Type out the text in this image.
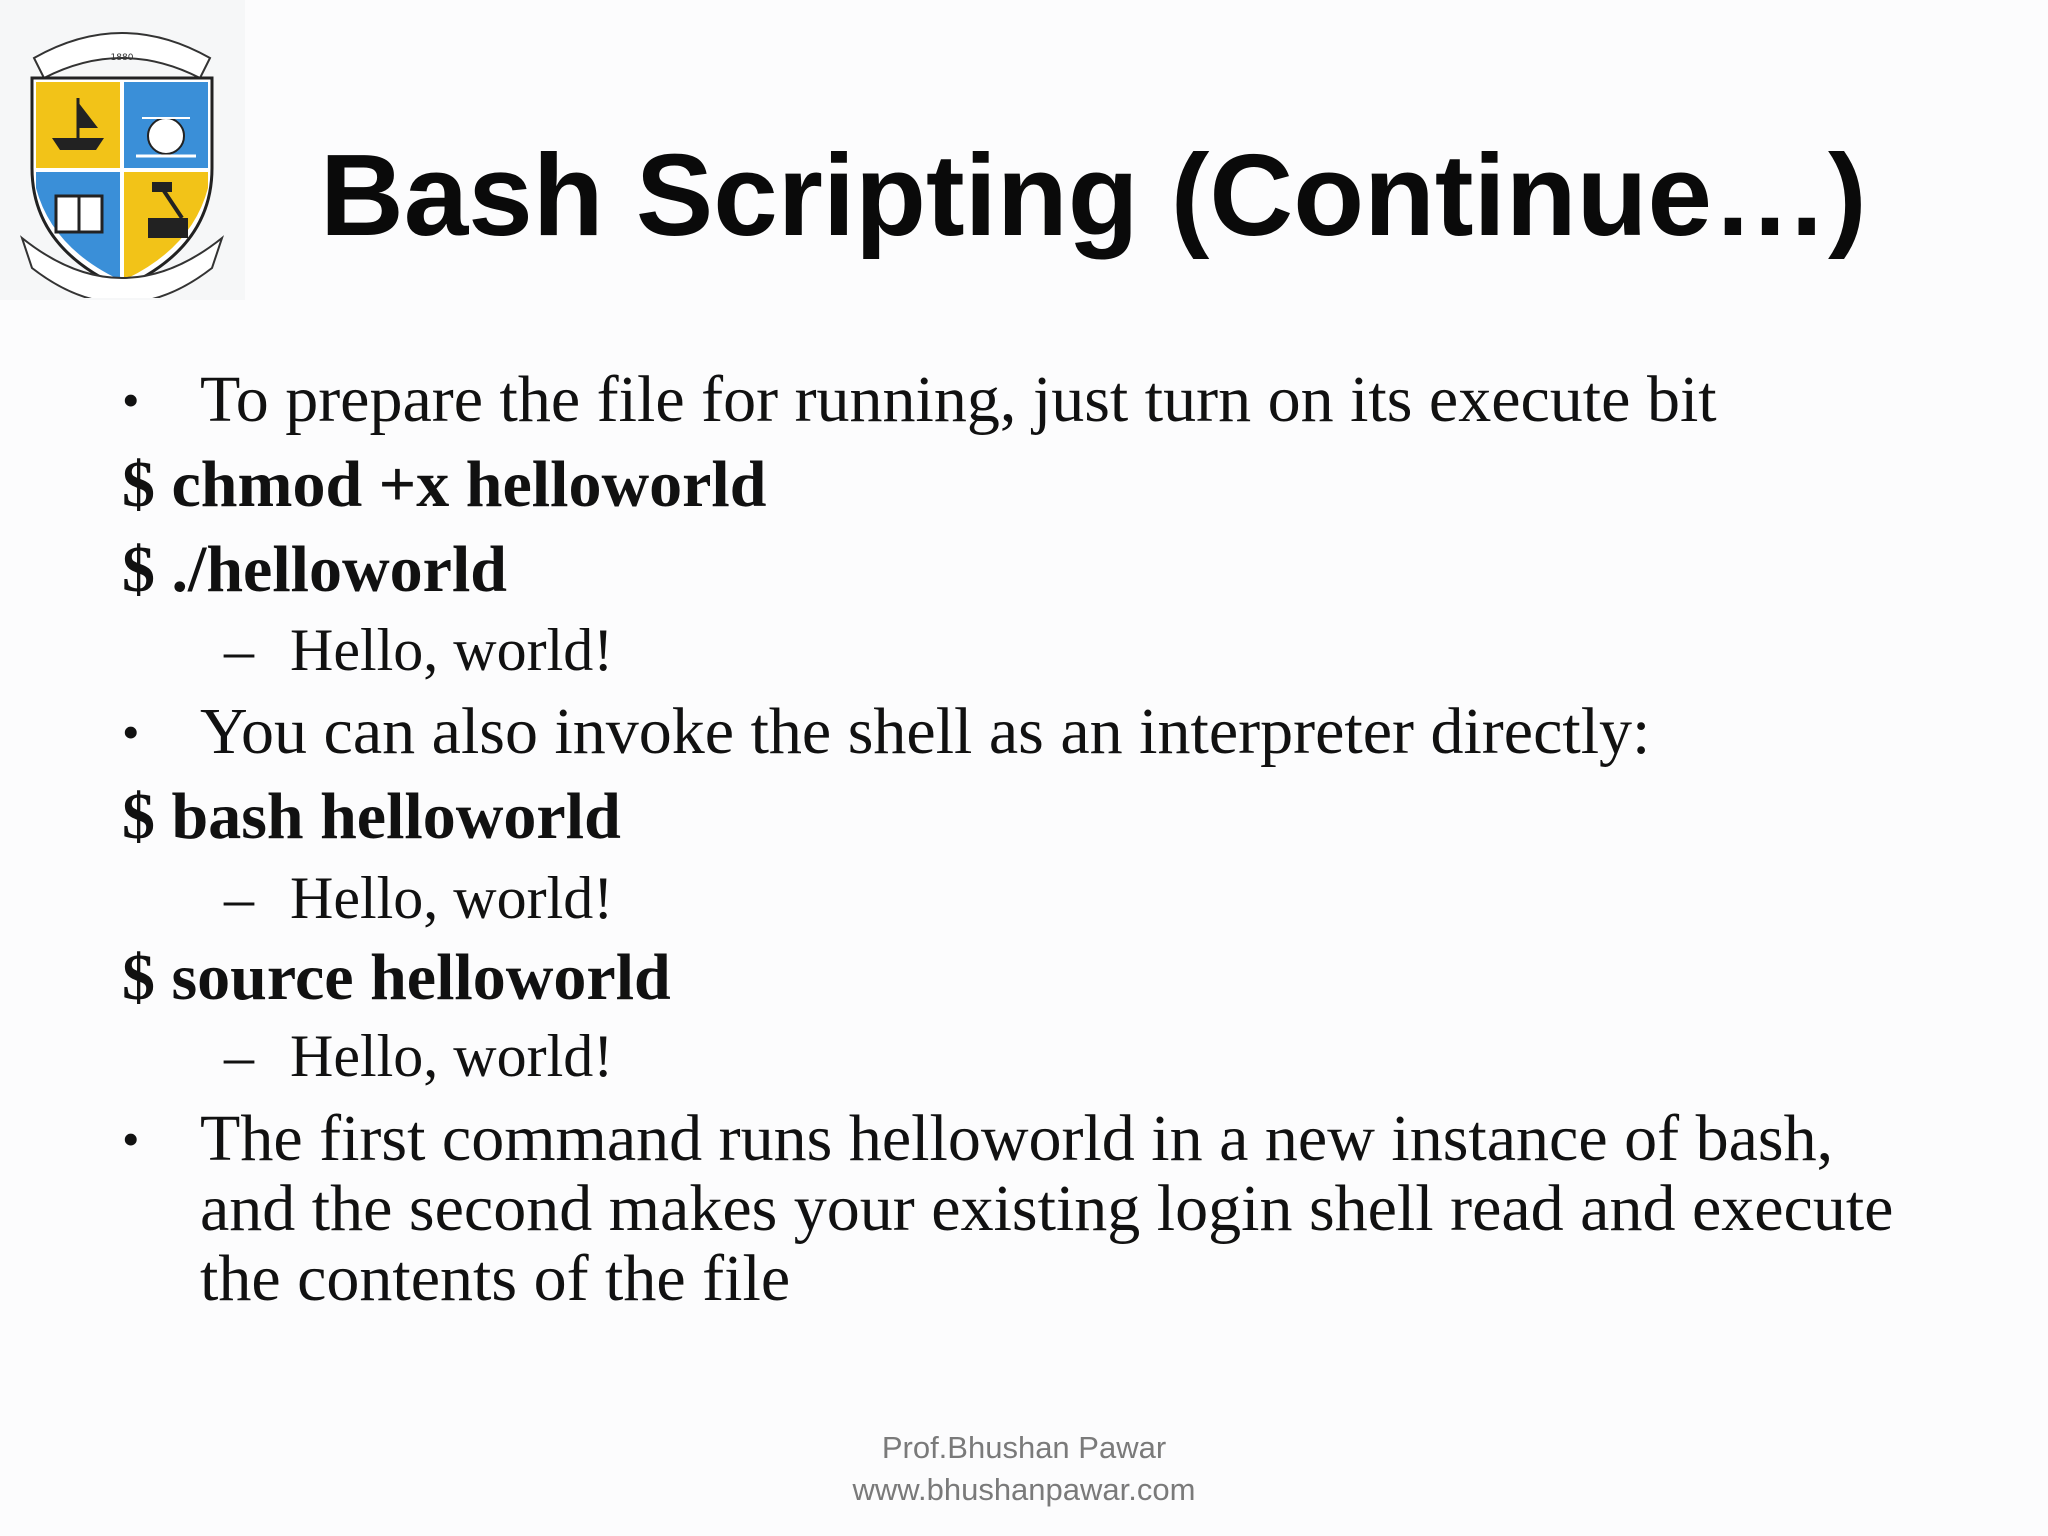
1880
Bash Scripting (Continue…)
• To prepare the file for running, just turn on its execute bit
$ chmod +x helloworld
$ ./helloworld
– Hello, world!
• You can also invoke the shell as an interpreter directly:
$ bash helloworld
– Hello, world!
$ source helloworld
– Hello, world!
• The first command runs helloworld in a new instance of bash, and the second makes your existing login shell read and execute the contents of the file
Prof.Bhushan Pawar
www.bhushanpawar.com
